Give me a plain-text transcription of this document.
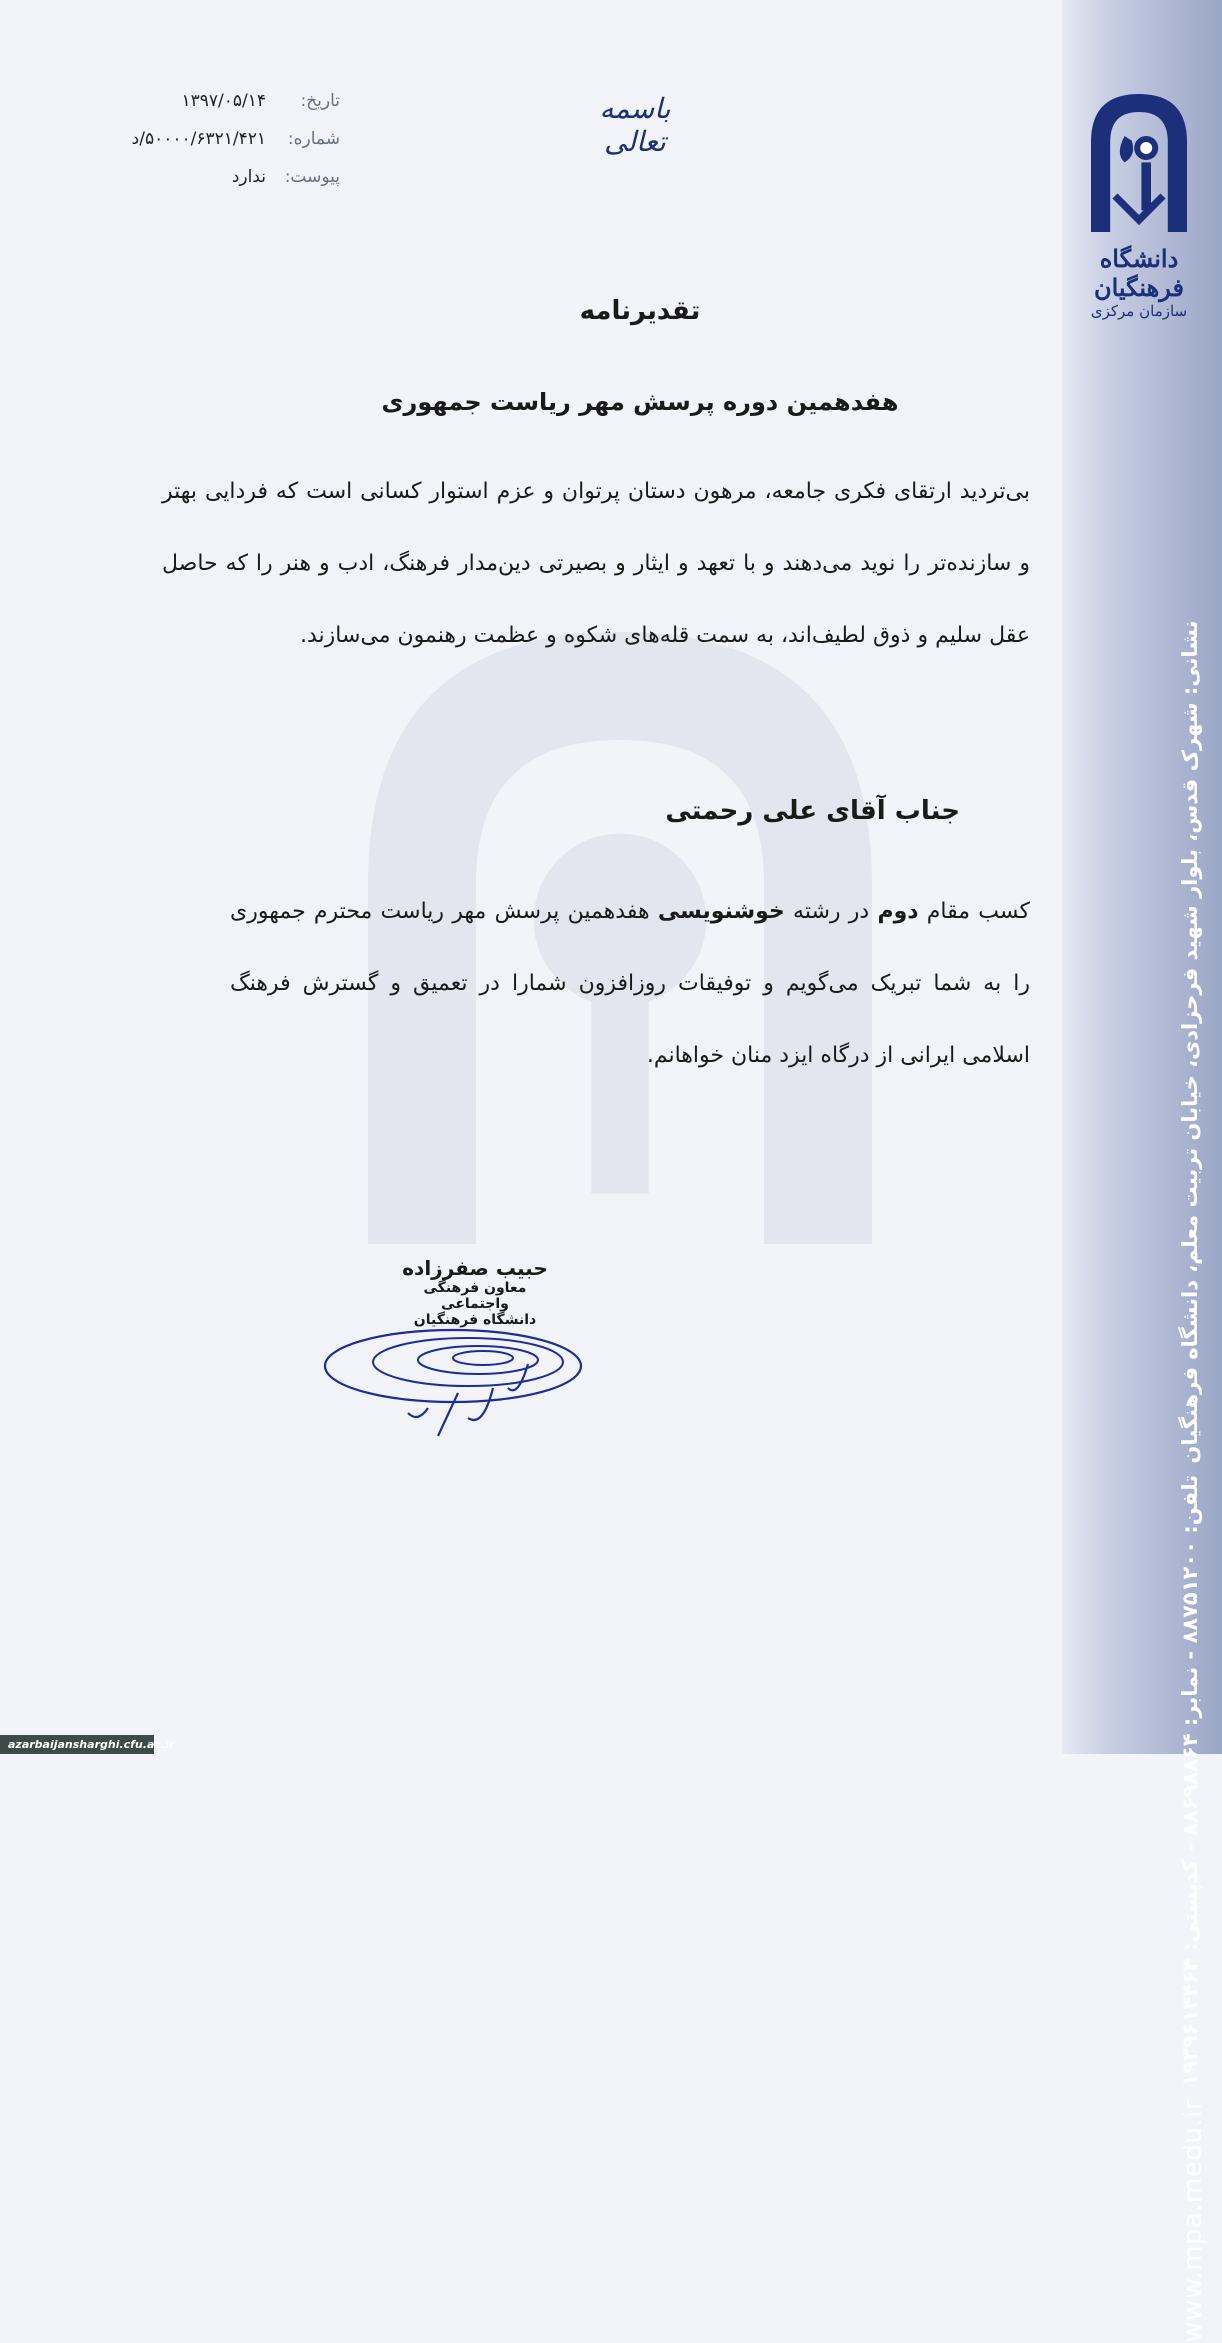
نشانی: شهرک قدس، بلوار شهید فرحزادی، خیابان تربیت معلم، دانشگاه فرهنگیان
تلفن: ۸۸۷۵۱۲۰۰ - نمابر: ۸۸۶۹۸۸۶۴ - کدپستی: ۱۹۳۹۶۱۴۴۶۴
www.mpa.medu.ir
دانشگاه فرهنگیان
سازمان مرکزی
تاریخ:
۱۳۹۷/۰۵/۱۴
شماره:
۵۰۰۰۰/۶۳۲۱/۴۲۱/د
پیوست:
ندارد
باسمه تعالی
تقدیرنامه
هفدهمین دوره پرسش مهر ریاست جمهوری
بی‌تردید ارتقای فکری جامعه، مرهون دستان پرتوان و عزم استوار کسانی است که فردایی بهتر و سازنده‌تر را نوید می‌دهند و با تعهد و ایثار و بصیرتی دین‌مدار فرهنگ، ادب و هنر را که حاصل عقل سلیم و ذوق لطیف‌اند، به سمت قله‌های شکوه و عظمت رهنمون می‌سازند.
جناب آقای علی رحمتی
کسب مقام دوم در رشته خوشنویسی هفدهمین پرسش مهر ریاست محترم جمهوری را به شما تبریک می‌گویم و توفیقات روزافزون شمارا در تعمیق و گسترش فرهنگ اسلامی ایرانی از درگاه ایزد منان خواهانم.
حبیب صفرزاده
معاون فرهنگی واجتماعی
دانشگاه فرهنگیان
azarbaijansharghi.cfu.ac.ir
